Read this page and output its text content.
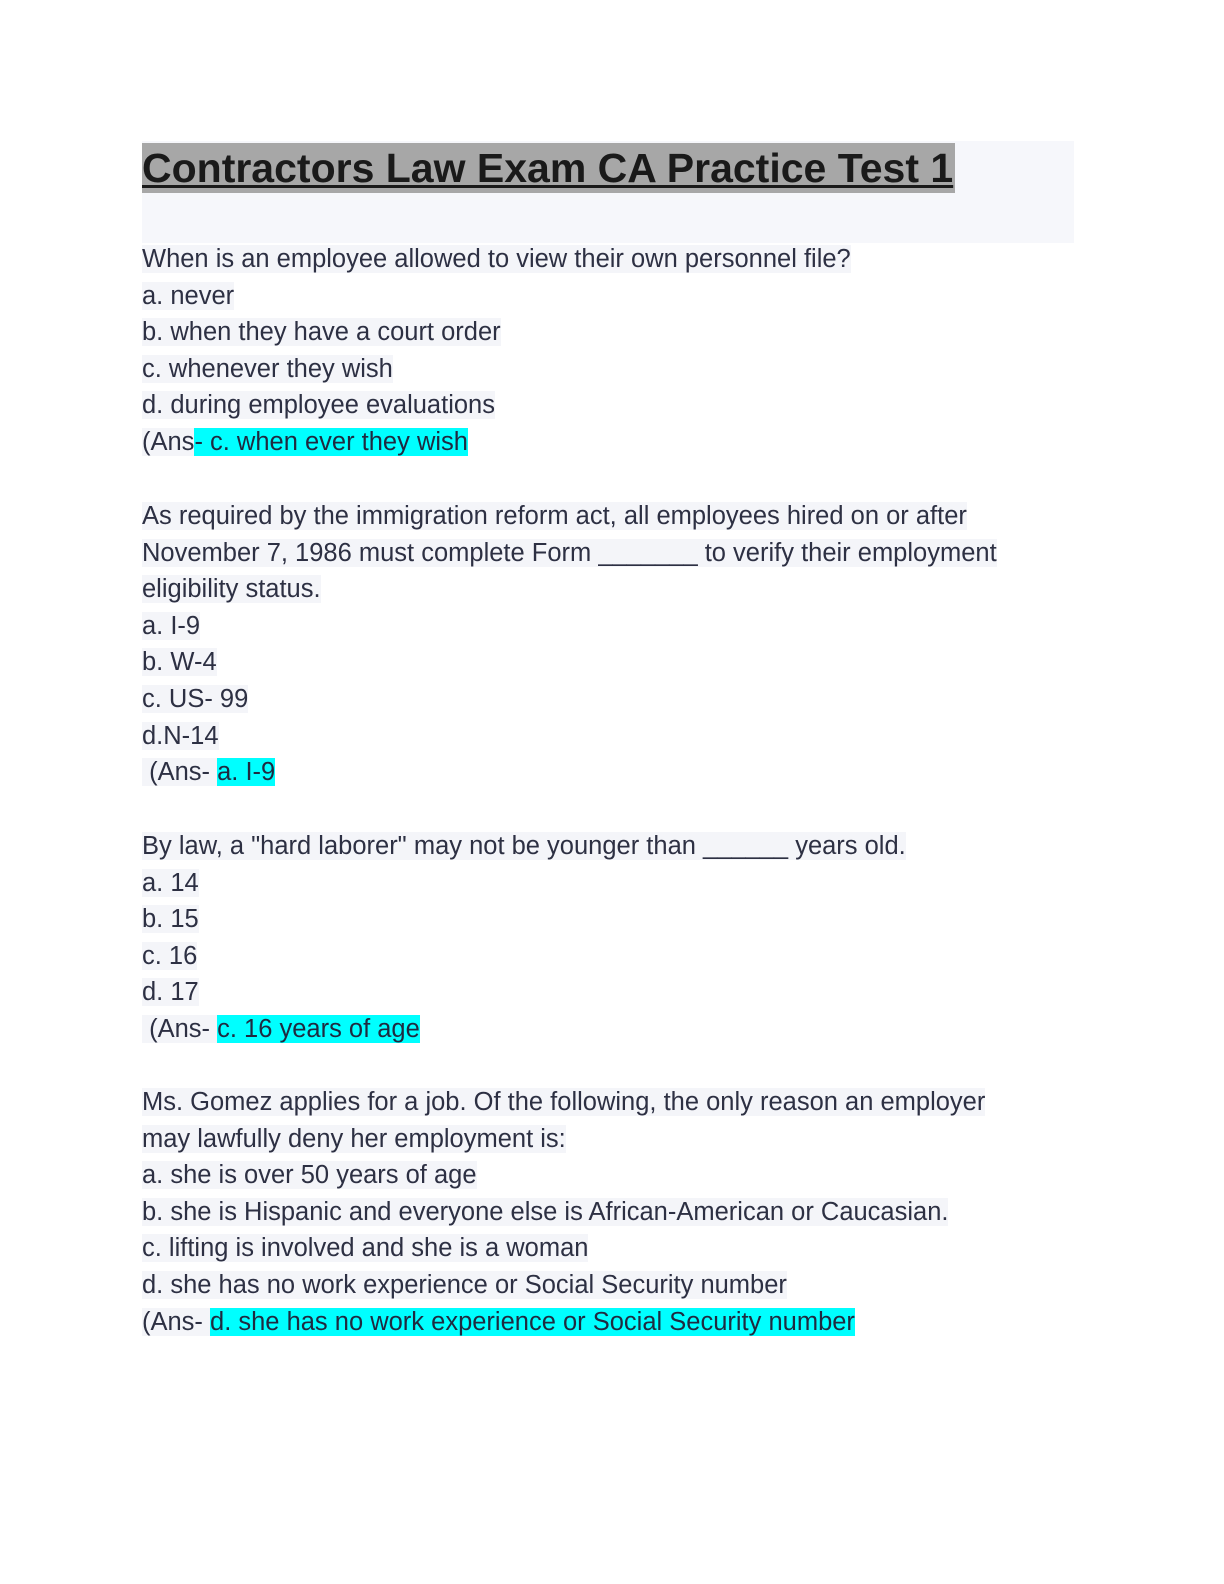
Contractors Law Exam CA Practice Test 1
When is an employee allowed to view their own personnel file?
a. never
b. when they have a court order
c. whenever they wish
d. during employee evaluations
(Ans- c. when ever they wish
As required by the immigration reform act, all employees hired on or after
November 7, 1986 must complete Form _______ to verify their employment
eligibility status.
a. I-9
b. W-4
c. US- 99
d.N-14
(Ans- a. I-9
By law, a "hard laborer" may not be younger than ______ years old.
a. 14
b. 15
c. 16
d. 17
(Ans- c. 16 years of age
Ms. Gomez applies for a job. Of the following, the only reason an employer
may lawfully deny her employment is:
a. she is over 50 years of age
b. she is Hispanic and everyone else is African-American or Caucasian.
c. lifting is involved and she is a woman
d. she has no work experience or Social Security number
(Ans- d. she has no work experience or Social Security number
